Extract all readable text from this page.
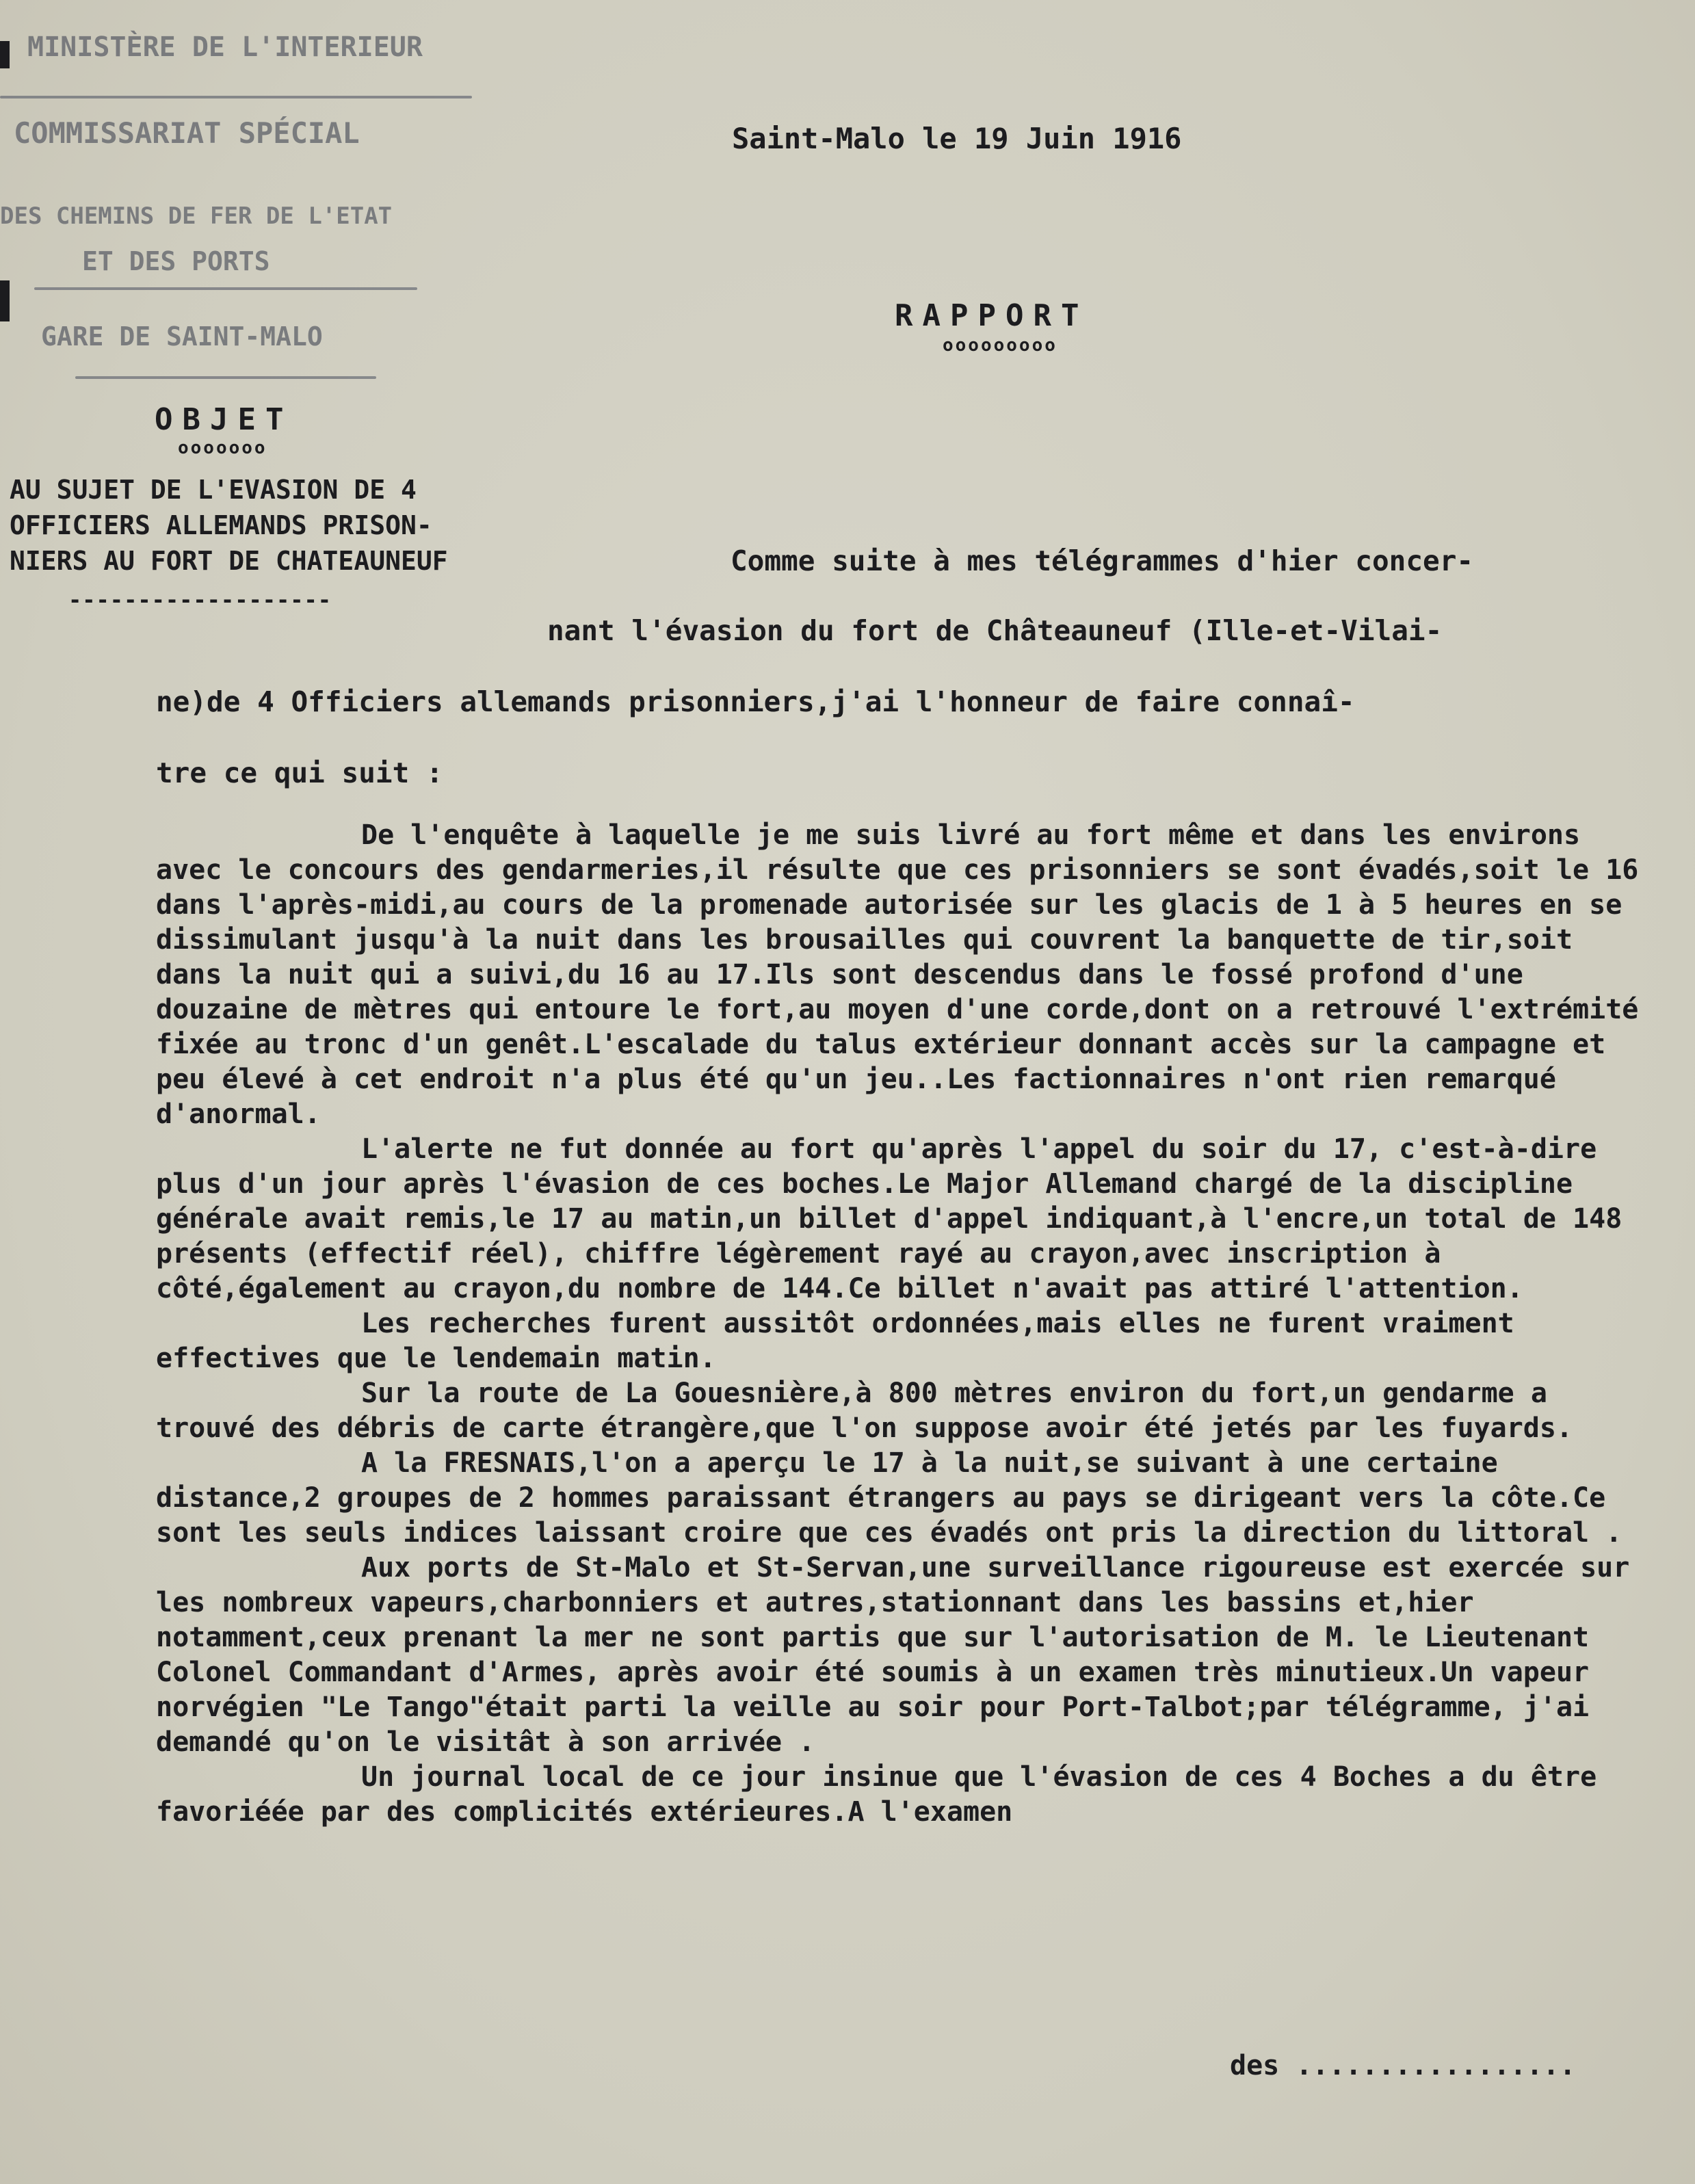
MINISTÈRE DE L'INTERIEUR
COMMISSARIAT SPÉCIAL
DES CHEMINS DE FER DE L'ETAT
ET DES PORTS
GARE DE SAINT-MALO
Saint-Malo le 19 Juin 1916
RAPPORT
ooooooooo
OBJET
ooooooo
AU SUJET DE L'EVASION DE 4
OFFICIERS ALLEMANDS PRISON-
NIERS AU FORT DE CHATEAUNEUF
-------------------
Comme suite à mes télégrammes d'hier concer-
nant l'évasion du fort de Châteauneuf (Ille-et-Vilai-
ne)de 4 Officiers allemands prisonniers,j'ai l'honneur de faire connaî-
tre ce qui suit :

De l'enquête à laquelle je me suis livré au fort même et dans les environs avec le concours des gendarmeries,il résulte que ces prisonniers se sont évadés,soit le 16 dans l'après-midi,au cours de la promenade autorisée sur les glacis de 1 à 5 heures en se dissimulant jusqu'à la nuit dans les brousailles qui couvrent la banquette de tir,soit dans la nuit qui a suivi,du 16 au 17.Ils sont descendus dans le fossé profond d'une douzaine de mètres qui entoure le fort,au moyen d'une corde,dont on a retrouvé l'extrémité fixée au tronc d'un genêt.L'escalade du talus extérieur donnant accès sur la campagne et peu élevé à cet endroit n'a plus été qu'un jeu..Les factionnaires n'ont rien remarqué d'anormal.

L'alerte ne fut donnée au fort qu'après l'appel du soir du 17, c'est-à-dire plus d'un jour après l'évasion de ces boches.Le Major Allemand chargé de la discipline générale avait remis,le 17 au matin,un billet d'appel indiquant,à l'encre,un total de 148 présents (effectif réel), chiffre légèrement rayé au crayon,avec inscription à côté,également au crayon,du nombre de 144.Ce billet n'avait pas attiré l'attention.

Les recherches furent aussitôt ordonnées,mais elles ne furent vraiment effectives que le lendemain matin.

Sur la route de La Gouesnière,à 800 mètres environ du fort,un gendarme a trouvé des débris de carte étrangère,que l'on suppose avoir été jetés par les fuyards.

A la FRESNAIS,l'on a aperçu le 17 à la nuit,se suivant à une certaine distance,2 groupes de 2 hommes paraissant étrangers au pays se dirigeant vers la côte.Ce sont les seuls indices laissant croire que ces évadés ont pris la direction du littoral .

Aux ports de St-Malo et St-Servan,une surveillance rigoureuse est exercée sur les nombreux vapeurs,charbonniers et autres,stationnant dans les bassins et,hier notamment,ceux prenant la mer ne sont partis que sur l'autorisation de M. le Lieutenant Colonel Commandant d'Armes, après avoir été soumis à un examen très minutieux.Un vapeur norvégien "Le Tango"était parti la veille au soir pour Port-Talbot;par télégramme, j'ai demandé qu'on le visitât à son arrivée .

Un journal local de ce jour insinue que l'évasion de ces 4 Boches a du être favoriéée par des complicités extérieures.A l'examen

des .................
